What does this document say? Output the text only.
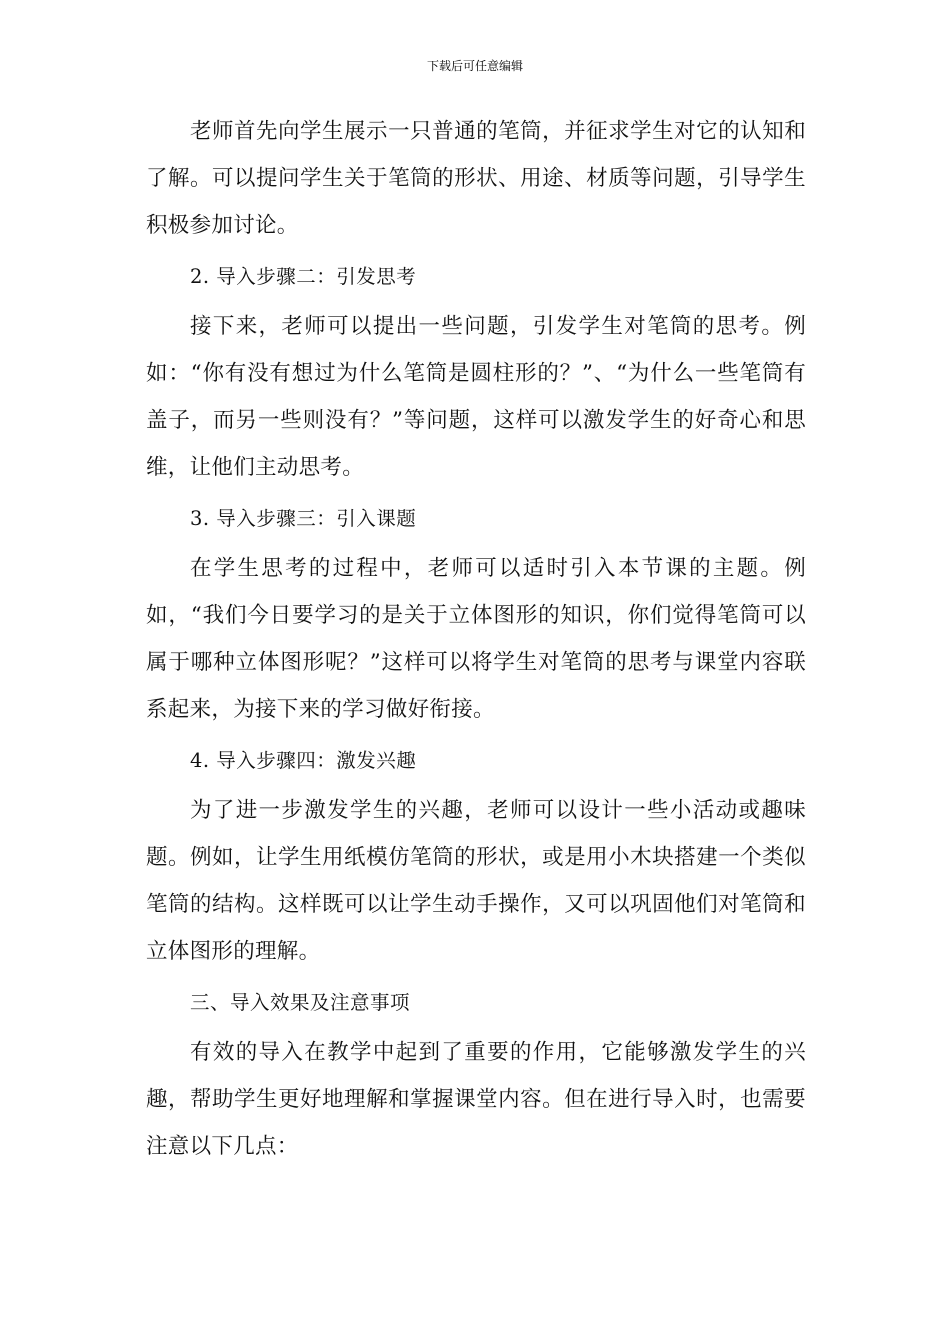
下载后可任意编辑

老师首先向学生展示一只普通的笔筒，并征求学生对它的认知和了解。可以提问学生关于笔筒的形状、用途、材质等问题，引导学生积极参加讨论。

2. 导入步骤二：引发思考

接下来，老师可以提出一些问题，引发学生对笔筒的思考。例如：“你有没有想过为什么笔筒是圆柱形的？”、“为什么一些笔筒有盖子，而另一些则没有？”等问题，这样可以激发学生的好奇心和思维，让他们主动思考。

3. 导入步骤三：引入课题

在学生思考的过程中，老师可以适时引入本节课的主题。例如，“我们今日要学习的是关于立体图形的知识，你们觉得笔筒可以属于哪种立体图形呢？”这样可以将学生对笔筒的思考与课堂内容联系起来，为接下来的学习做好衔接。

4. 导入步骤四：激发兴趣

为了进一步激发学生的兴趣，老师可以设计一些小活动或趣味题。例如，让学生用纸模仿笔筒的形状，或是用小木块搭建一个类似笔筒的结构。这样既可以让学生动手操作，又可以巩固他们对笔筒和立体图形的理解。

三、导入效果及注意事项

有效的导入在教学中起到了重要的作用，它能够激发学生的兴趣，帮助学生更好地理解和掌握课堂内容。但在进行导入时，也需要注意以下几点：
